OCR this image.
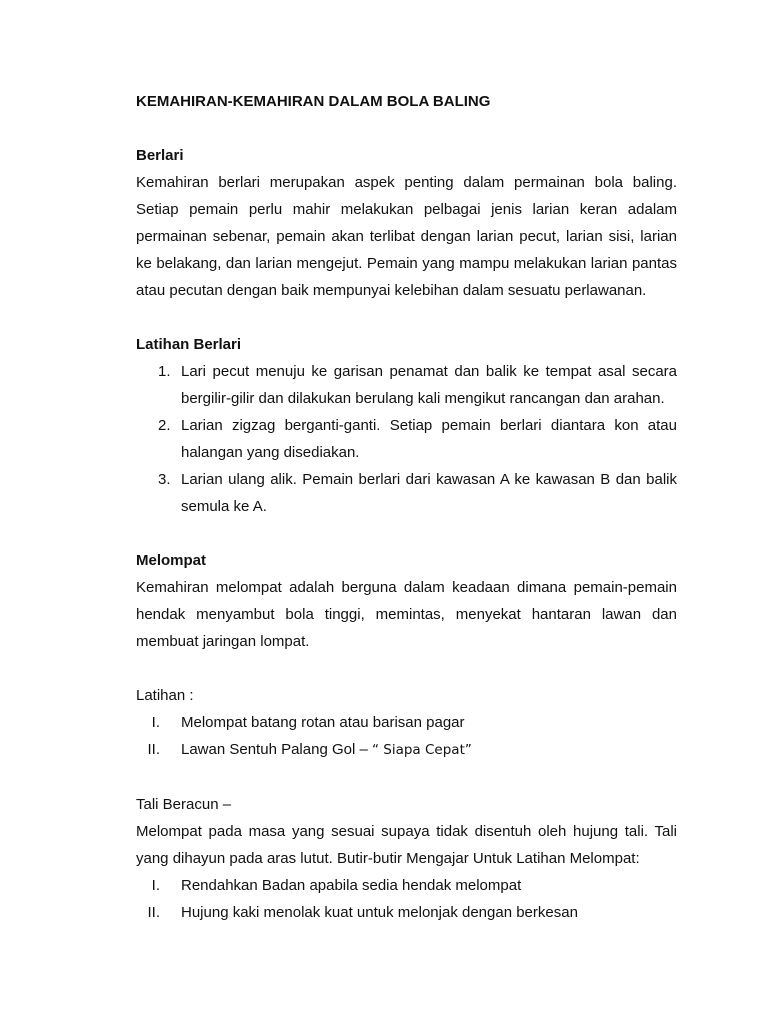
KEMAHIRAN-KEMAHIRAN DALAM BOLA BALING

Berlari

Kemahiran berlari merupakan aspek penting dalam permainan bola baling. Setiap pemain perlu mahir melakukan pelbagai jenis larian keran adalam permainan sebenar, pemain akan terlibat dengan larian pecut, larian sisi, larian ke belakang, dan larian mengejut. Pemain yang mampu melakukan larian pantas atau pecutan dengan baik mempunyai kelebihan dalam sesuatu perlawanan.

Latihan Berlari

1. Lari pecut menuju ke garisan penamat dan balik ke tempat asal secara bergilir-gilir dan dilakukan berulang kali mengikut rancangan dan arahan.
2. Larian zigzag berganti-ganti. Setiap pemain berlari diantara kon atau halangan yang disediakan.
3. Larian ulang alik. Pemain berlari dari kawasan A ke kawasan B dan balik semula ke A.

Melompat

Kemahiran melompat adalah berguna dalam keadaan dimana pemain-pemain hendak menyambut bola tinggi, memintas, menyekat hantaran lawan dan membuat jaringan lompat.

Latihan :

I. Melompat batang rotan atau barisan pagar
II. Lawan Sentuh Palang Gol – “ Siapa Cepat”

Tali Beracun –

Melompat pada masa yang sesuai supaya tidak disentuh oleh hujung tali. Tali yang dihayun pada aras lutut. Butir-butir Mengajar Untuk Latihan Melompat:

I. Rendahkan Badan apabila sedia hendak melompat
II. Hujung kaki menolak kuat untuk melonjak dengan berkesan
